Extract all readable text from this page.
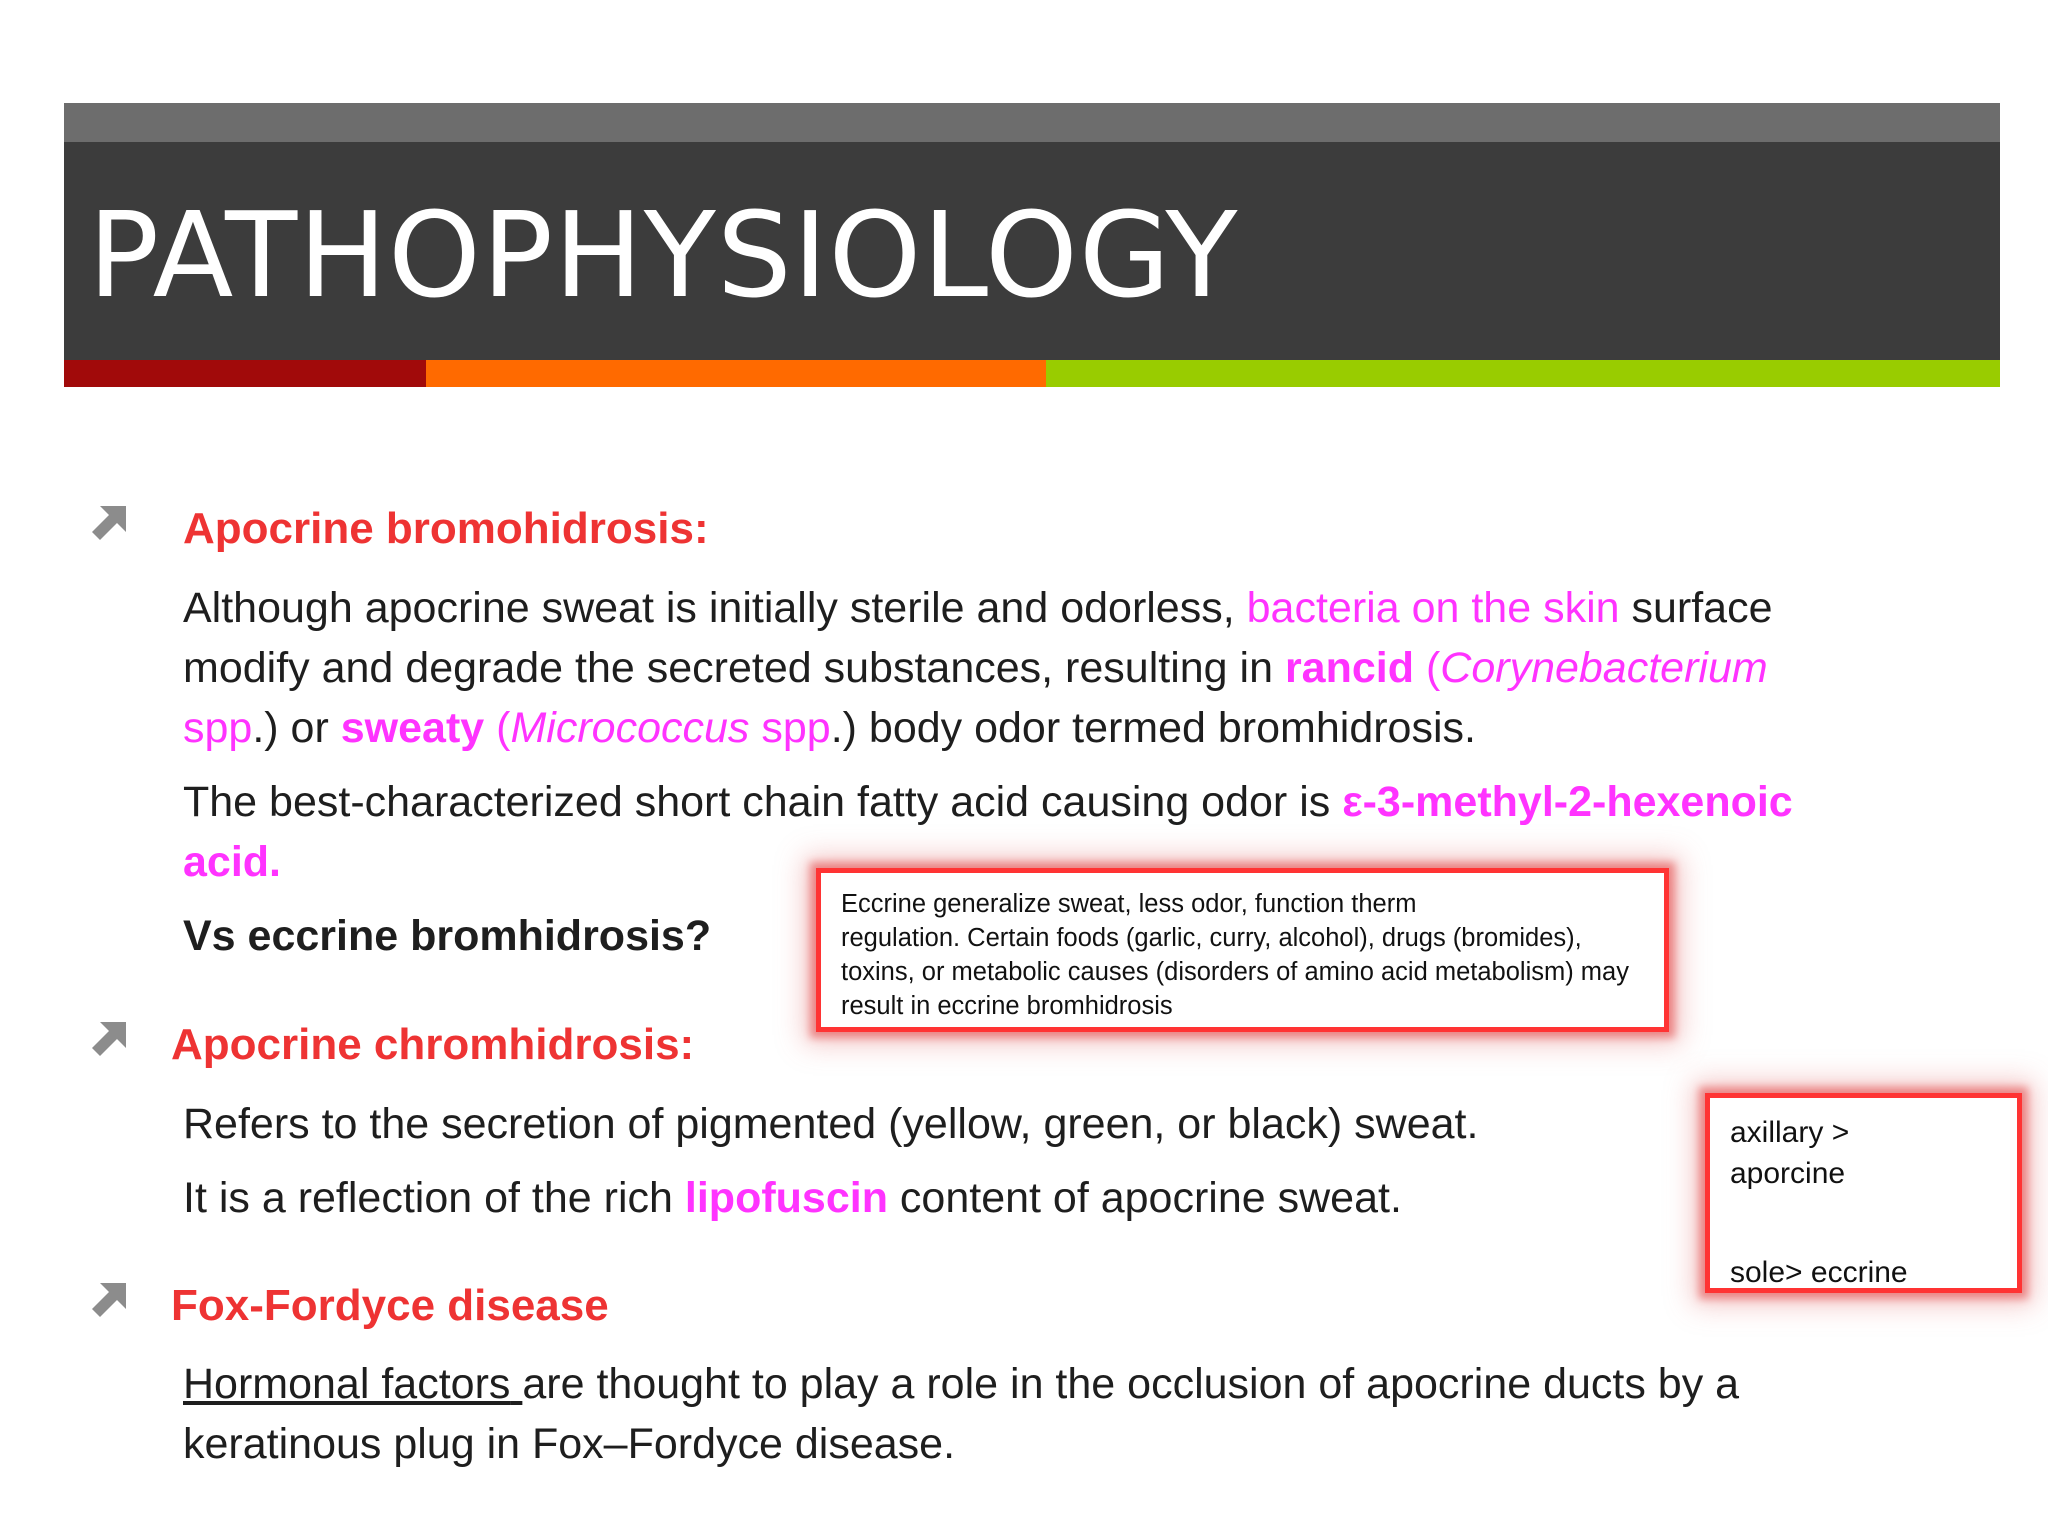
PATHOPHYSIOLOGY
Apocrine bromohidrosis:

Although apocrine sweat is initially sterile and odorless, bacteria on the skin surface

modify and degrade the secreted substances, resulting in rancid (Corynebacterium

spp.) or sweaty (Micrococcus spp.) body odor termed bromhidrosis.

The best-characterized short chain fatty acid causing odor is ε-3-methyl-2-hexenoic

acid.

Vs eccrine bromhidrosis?

Eccrine generalize sweat, less odor, function therm

regulation. Certain foods (garlic, curry, alcohol), drugs (bromides),

toxins, or metabolic causes (disorders of amino acid metabolism) may

result in eccrine bromhidrosis

Apocrine chromhidrosis:

Refers to the secretion of pigmented (yellow, green, or black) sweat.

It is a reflection of the rich lipofuscin content of apocrine sweat.

axillary >

aporcine

sole> eccrine

Fox-Fordyce disease

Hormonal factors are thought to play a role in the occlusion of apocrine ducts by a

keratinous plug in Fox–Fordyce disease.
